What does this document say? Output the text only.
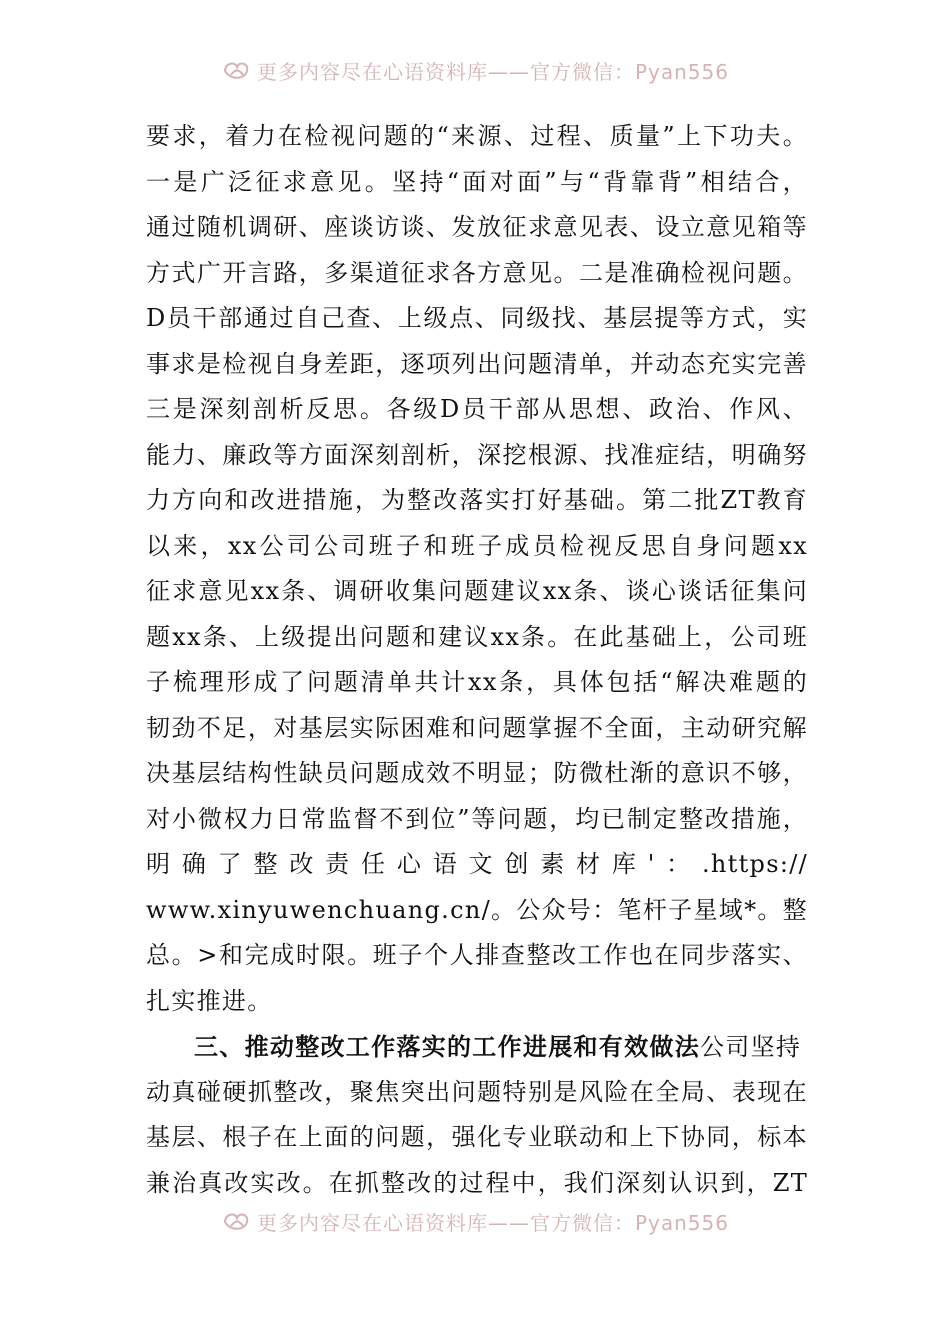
更多内容尽在心语资料库——官方微信：Pyan556
要求，着力在检视问题的“来源、过程、质量”上下功夫。
一是广泛征求意见。坚持“面对面”与“背靠背”相结合，
通过随机调研、座谈访谈、发放征求意见表、设立意见箱等
方式广开言路，多渠道征求各方意见。二是准确检视问题。
D员干部通过自己查、上级点、同级找、基层提等方式，实
事求是检视自身差距，逐项列出问题清单，并动态充实完善
三是深刻剖析反思。各级D员干部从思想、政治、作风、
能力、廉政等方面深刻剖析，深挖根源、找准症结，明确努
力方向和改进措施，为整改落实打好基础。第二批ZT教育
以来，xx公司公司班子和班子成员检视反思自身问题xx
征求意见xx条、调研收集问题建议xx条、谈心谈话征集问
题xx条、上级提出问题和建议xx条。在此基础上，公司班
子梳理形成了问题清单共计xx条，具体包括“解决难题的
韧劲不足，对基层实际困难和问题掌握不全面，主动研究解
决基层结构性缺员问题成效不明显；防微杜渐的意识不够，
对小微权力日常监督不到位”等问题，均已制定整改措施，
明确了整改责任心语文创素材库'：.https://
www.xinyuwenchuang.cn/。公众号：笔杆子星域*。整
总。>和完成时限。班子个人排查整改工作也在同步落实、
扎实推进。
三、推动整改工作落实的工作进展和有效做法公司坚持
动真碰硬抓整改，聚焦突出问题特别是风险在全局、表现在
基层、根子在上面的问题，强化专业联动和上下协同，标本
兼治真改实改。在抓整改的过程中，我们深刻认识到，ZT
更多内容尽在心语资料库——官方微信：Pyan556
